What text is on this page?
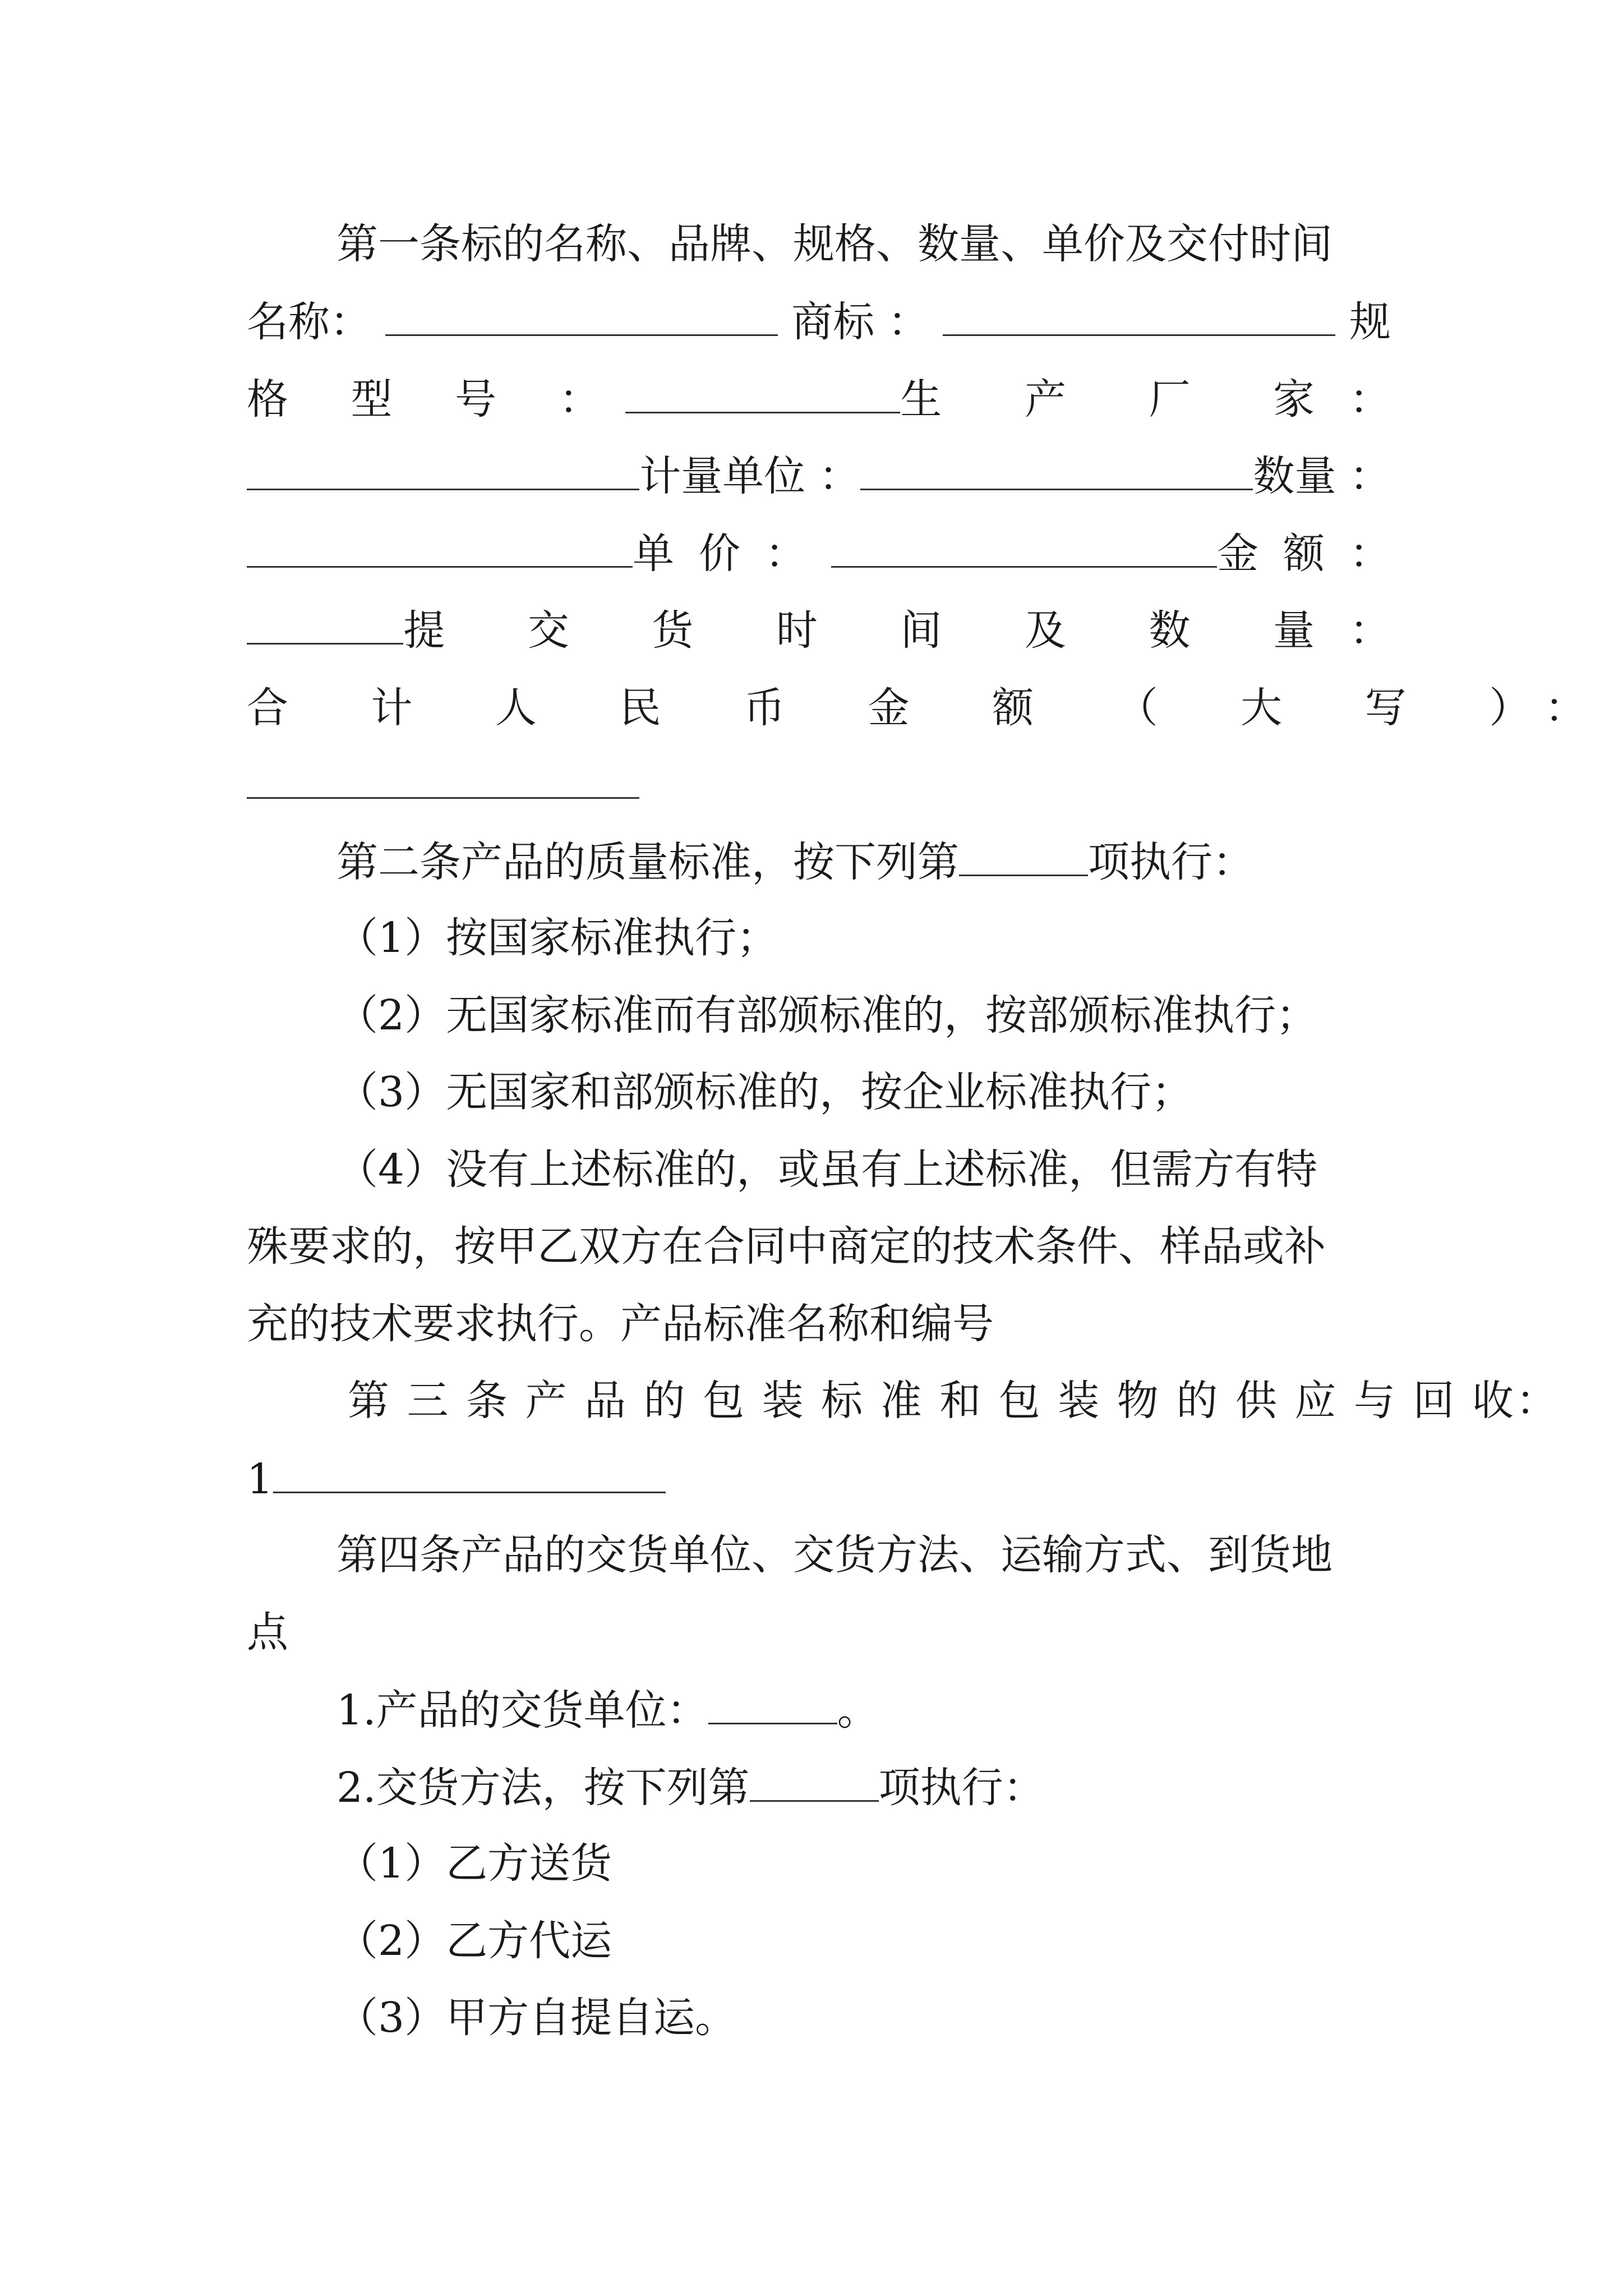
第一条标的名称、品牌、规格、数量、单价及交付时间
名称：	商标 ：	规
格 型 号 ：	生 产 厂 家 ：
计量单位 ：	数量 ：
单价：	金额 ：
提 交 货 时 间 及 数 量 ：
合 计 人 民 币 金 额 （ 大 写 ）：
第二条产品的质量标准，按下列第	项执行：
（1）按国家标准执行；
（2）无国家标准而有部颁标准的，按部颁标准执行；
（3）无国家和部颁标准的，按企业标准执行；
（4）没有上述标准的，或虽有上述标准，但需方有特
殊要求的，按甲乙双方在合同中商定的技术条件、样品或补
充的技术要求执行。产品标准名称和编号
第 三 条 产 品 的 包 装 标 准 和 包 装 物 的 供 应 与 回 收：
1
第四条产品的交货单位、交货方法、运输方式、到货地
点
1.产品的交货单位：	。
2.交货方法，按下列第	项执行：
（1）乙方送货
（2）乙方代运
（3）甲方自提自运。
